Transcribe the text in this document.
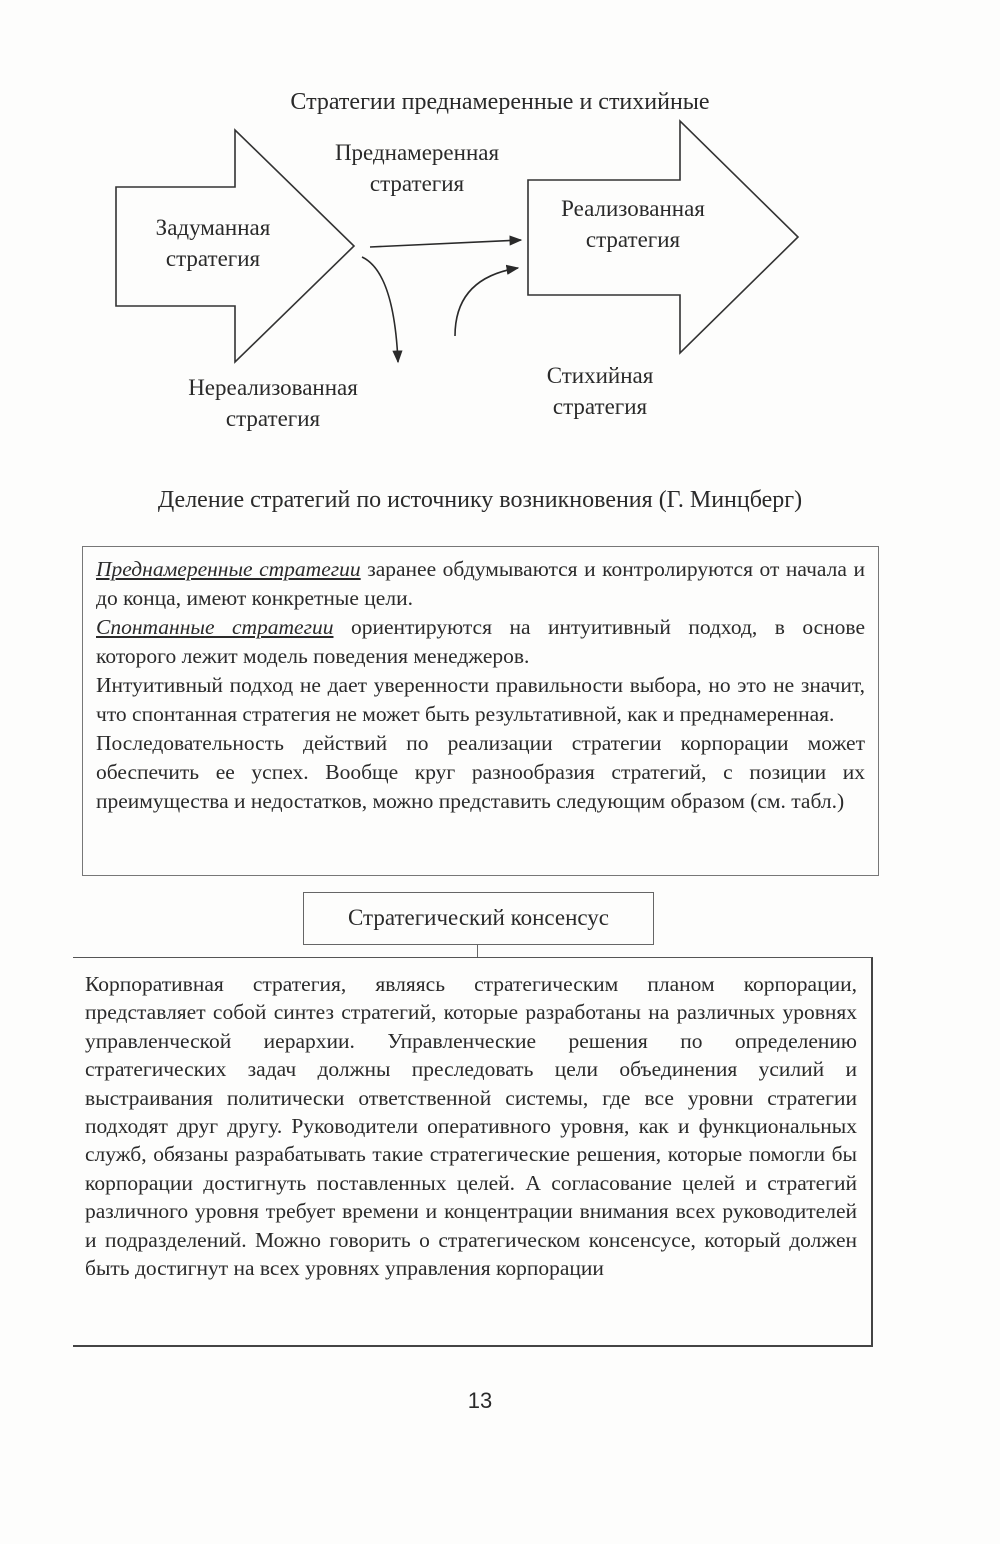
Стратегии преднамеренные и стихийные
Задуманная
стратегия
Преднамеренная
стратегия
Реализованная
стратегия
Нереализованная
стратегия
Стихийная
стратегия
Деление стратегий по источнику возникновения (Г. Минцберг)

Преднамеренные стратегии заранее обдумываются и контролируются от начала и до конца, имеют конкретные цели.

Спонтанные стратегии ориентируются на интуитивный подход, в основе которого лежит модель поведения менеджеров.

Интуитивный подход не дает уверенности правильности выбора, но это не значит, что спонтанная стратегия не может быть результативной, как и преднамеренная.

Последовательность действий по реализации стратегии корпорации может обеспечить ее успех. Вообще круг разнообразия стратегий, с позиции их преимущества и недостатков, можно представить следующим образом (см. табл.)

Стратегический консенсус

Корпоративная стратегия, являясь стратегическим планом корпорации, представляет собой синтез стратегий, которые разработаны на различных уровнях управленческой иерархии. Управленческие решения по определению стратегических задач должны преследовать цели объединения усилий и выстраивания политически ответственной системы, где все уровни стратегии подходят друг другу. Руководители оперативного уровня, как и функциональных служб, обязаны разрабатывать такие стратегические решения, которые помогли бы корпорации достигнуть поставленных целей. А согласование целей и стратегий различного уровня требует времени и концентрации внимания всех руководителей и подразделений. Можно говорить о стратегическом консенсусе, который должен быть достигнут на всех уровнях управления корпорации

13
